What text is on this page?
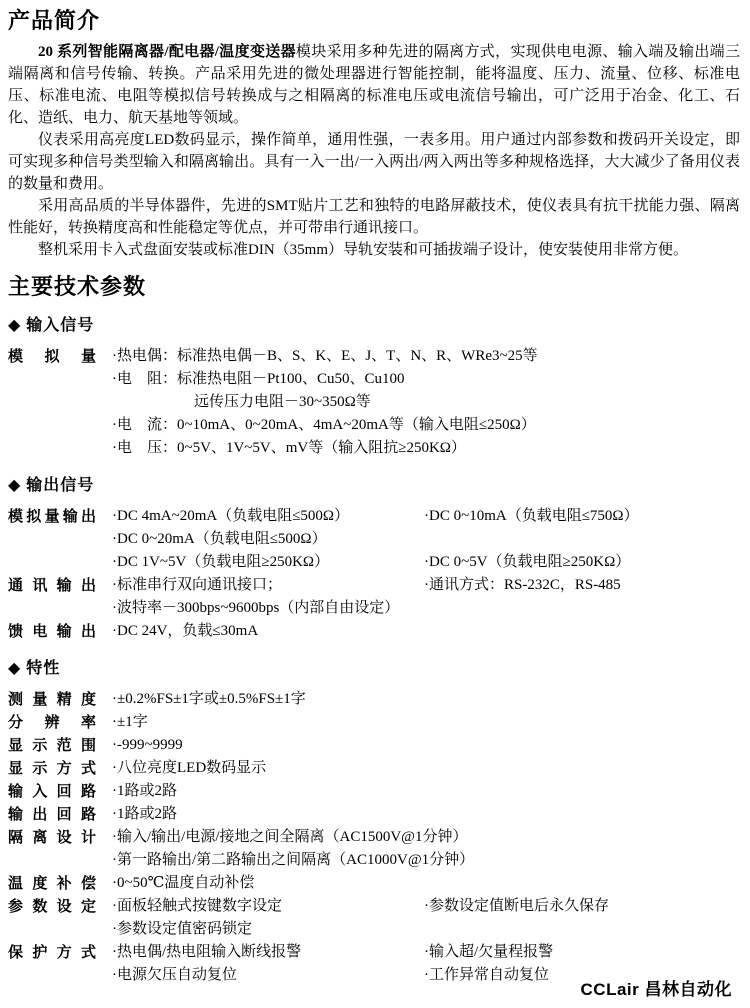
产品简介

20 系列智能隔离器/配电器/温度变送器模块采用多种先进的隔离方式，实现供电电源、输入端及输出端三端隔离和信号传输、转换。产品采用先进的微处理器进行智能控制，能将温度、压力、流量、位移、标准电压、标准电流、电阻等模拟信号转换成与之相隔离的标准电压或电流信号输出，可广泛用于冶金、化工、石化、造纸、电力、航天基地等领域。

仪表采用高亮度LED数码显示，操作简单，通用性强，一表多用。用户通过内部参数和拨码开关设定，即可实现多种信号类型输入和隔离输出。具有一入一出/一入两出/两入两出等多种规格选择，大大减少了备用仪表的数量和费用。

采用高品质的半导体器件，先进的SMT贴片工艺和独特的电路屏蔽技术，使仪表具有抗干扰能力强、隔离性能好，转换精度高和性能稳定等优点，并可带串行通讯接口。

整机采用卡入式盘面安装或标准DIN（35mm）导轨安装和可插拔端子设计，使安装使用非常方便。

主要技术参数
◆ 输入信号
模拟量 ·热电偶：标准热电偶－B、S、K、E、J、T、N、R、WRe3~25等
·电　阻：标准热电阻－Pt100、Cu50、Cu100
远传压力电阻－30~350Ω等
·电　流：0~10mA、0~20mA、4mA~20mA等（输入电阻≤250Ω）
·电　压：0~5V、1V~5V、mV等（输入阻抗≥250KΩ）
◆ 输出信号
模拟量输出 ·DC 4mA~20mA（负载电阻≤500Ω）	·DC 0~10mA（负载电阻≤750Ω）
·DC 0~20mA（负载电阻≤500Ω）
·DC 1V~5V（负载电阻≥250KΩ）	·DC 0~5V（负载电阻≥250KΩ）
通讯输出 ·标准串行双向通讯接口；	·通讯方式：RS-232C，RS-485
·波特率－300bps~9600bps（内部自由设定）
馈电输出 ·DC 24V，负载≤30mA
◆ 特性
测量精度 ·±0.2%FS±1字或±0.5%FS±1字
分辨率 ·±1字
显示范围 ·-999~9999
显示方式 ·八位亮度LED数码显示
输入回路 ·1路或2路
输出回路 ·1路或2路
隔离设计 ·输入/输出/电源/接地之间全隔离（AC1500V@1分钟）
·第一路输出/第二路输出之间隔离（AC1000V@1分钟）
温度补偿 ·0~50℃温度自动补偿
参数设定 ·面板轻触式按键数字设定	·参数设定值断电后永久保存
·参数设定值密码锁定
保护方式 ·热电偶/热电阻输入断线报警	·输入超/欠量程报警
·电源欠压自动复位	·工作异常自动复位
CCLair 昌林自动化
